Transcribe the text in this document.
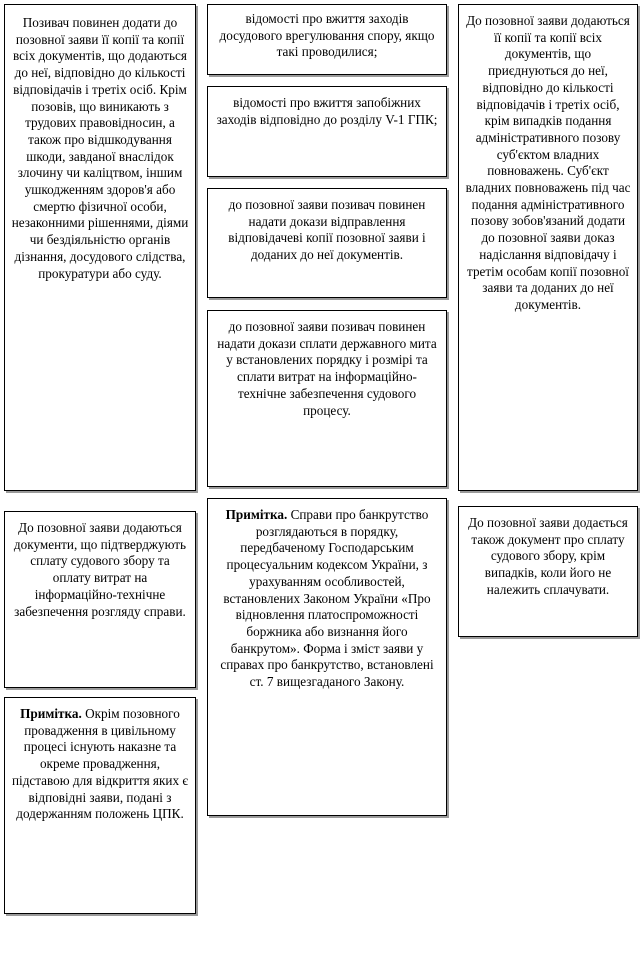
Позивач повинен додати до позовної заяви її копії та копії всіх документів, що додаються до неї, відповідно до кількості відповідачів і третіх осіб. Крім позовів, що виникають з трудових правовідносин, а також про відшкодування шкоди, завданої внаслідок злочину чи каліцтвом, іншим ушкодженням здоров'я або смертю фізичної особи, незаконними рішеннями, діями чи бездіяльністю органів дізнання, досудового слідства, прокуратури або суду.
До позовної заяви додаються документи, що підтверджують сплату судового збору та оплату витрат на інформаційно-технічне забезпечення розгляду справи.
Примітка. Окрім позовного провадження в цивільному процесі існують наказне та окреме провадження, підставою для відкриття яких є відповідні заяви, подані з додержанням положень ЦПК.
відомості про вжиття заходів досудового врегулювання спору, якщо такі проводилися;
відомості про вжиття запобіжних заходів відповідно до розділу V-1 ГПК;
до позовної заяви позивач повинен надати докази відправлення відповідачеві копії позовної заяви і доданих до неї документів.
до позовної заяви позивач повинен надати докази сплати державного мита у встановлених порядку і розмірі та сплати витрат на інформаційно-технічне забезпечення судового процесу.
Примітка. Справи про банкрутство розглядаються в порядку, передбаченому Господарським процесуальним кодексом України, з урахуванням особливостей, встановлених Законом України «Про відновлення платоспроможності боржника або визнання його банкрутом». Форма і зміст заяви у справах про банкрутство, встановлені ст. 7 вищезгаданого Закону.
До позовної заяви додаються її копії та копії всіх документів, що приєднуються до неї, відповідно до кількості відповідачів і третіх осіб, крім випадків подання адміністративного позову суб'єктом владних повноважень. Суб'єкт владних повноважень під час подання адміністративного позову зобов'язаний додати до позовної заяви доказ надіслання відповідачу і третім особам копії позовної заяви та доданих до неї документів.
До позовної заяви додається також документ про сплату судового збору, крім випадків, коли його не належить сплачувати.
